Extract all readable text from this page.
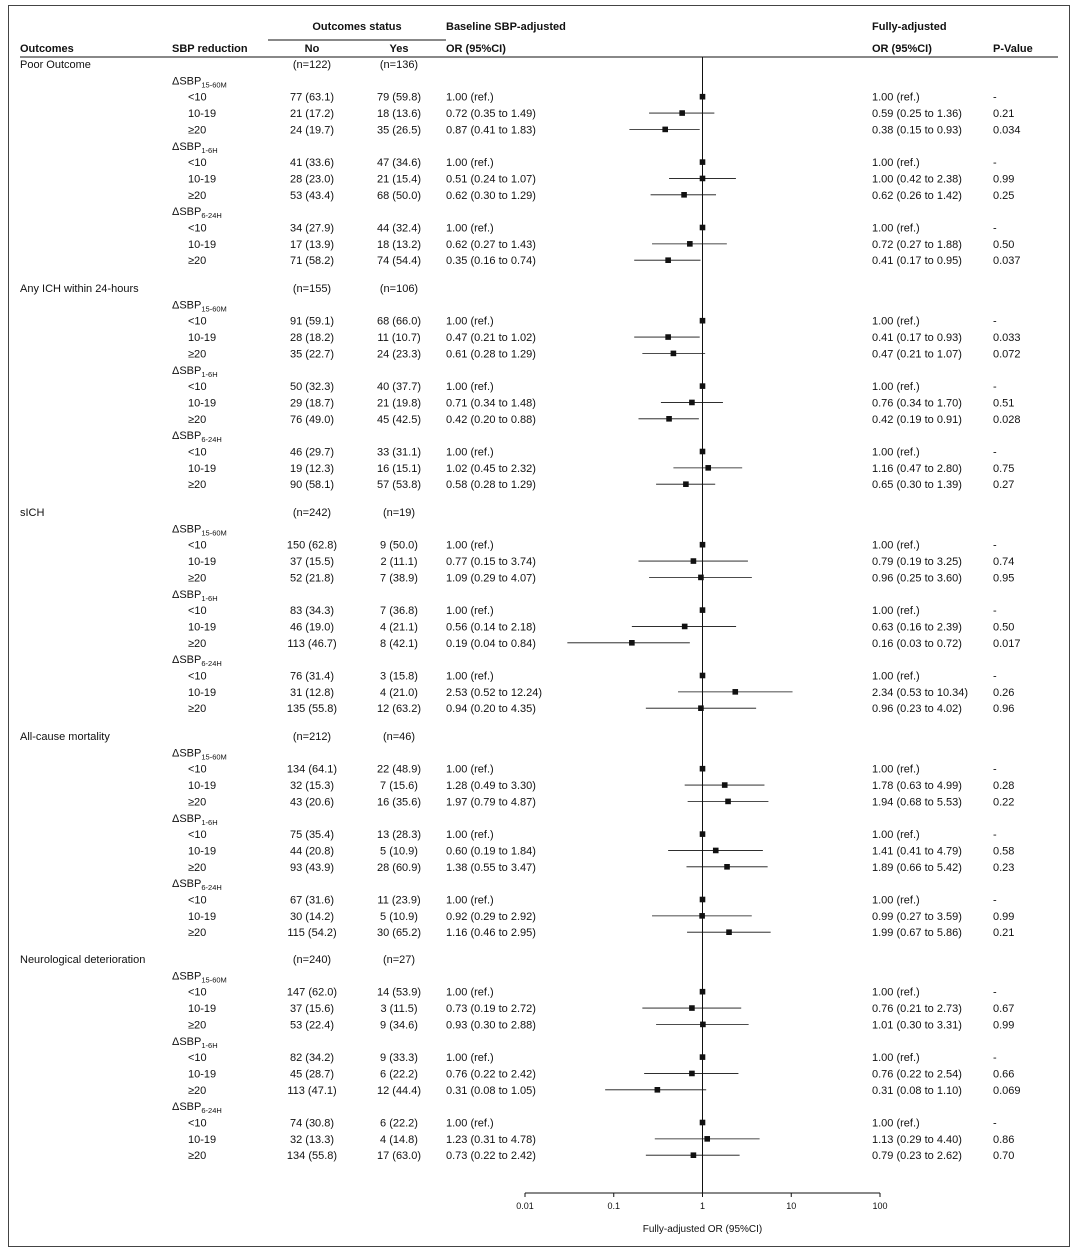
Outcomes status	Baseline SBP-adjusted	Fully-adjusted
Outcomes	SBP reduction	No	Yes	OR (95%CI)	OR (95%CI)	P-Value
Poor Outcome	(n=122)	(n=136)
$\Delta SBP_{15-60M}$
<10	77 (63.1)	79 (59.8) 1.00 (ref.)	1.00 (ref.)	-
10-19	21 (17.2)	18 (13.6) 0.72 (0.35 to 1.49)	0.59 (0.25 to 1.36)	0.21
≥20	24 (19.7)	35 (26.5) 0.87 (0.41 to 1.83)	0.38 (0.15 to 0.93)	0.034
$\Delta SBP_{1-6H}$
<10	41 (33.6)	47 (34.6) 1.00 (ref.)	1.00 (ref.)	-
10-19	28 (23.0)	21 (15.4) 0.51 (0.24 to 1.07)	1.00 (0.42 to 2.38)	0.99
≥20	53 (43.4)	68 (50.0) 0.62 (0.30 to 1.29)	0.62 (0.26 to 1.42)	0.25
$\Delta SBP_{6-24H}$
<10	34 (27.9)	44 (32.4) 1.00 (ref.)	1.00 (ref.)	-
10-19	17 (13.9)	18 (13.2) 0.62 (0.27 to 1.43)	0.72 (0.27 to 1.88)	0.50
≥20	71 (58.2)	74 (54.4) 0.35 (0.16 to 0.74)	0.41 (0.17 to 0.95)	0.037
Any ICH within 24-hours	(n=155)	(n=106)
$\Delta SBP_{15-60M}$
<10	91 (59.1)	68 (66.0) 1.00 (ref.)	1.00 (ref.)	-
10-19	28 (18.2)	11 (10.7) 0.47 (0.21 to 1.02)	0.41 (0.17 to 0.93)	0.033
≥20	35 (22.7)	24 (23.3) 0.61 (0.28 to 1.29)	0.47 (0.21 to 1.07)	0.072
$\Delta SBP_{1-6H}$
<10	50 (32.3)	40 (37.7) 1.00 (ref.)	1.00 (ref.)	-
10-19	29 (18.7)	21 (19.8) 0.71 (0.34 to 1.48)	0.76 (0.34 to 1.70)	0.51
≥20	76 (49.0)	45 (42.5) 0.42 (0.20 to 0.88)	0.42 (0.19 to 0.91)	0.028
$\Delta SBP_{6-24H}$
<10	46 (29.7)	33 (31.1) 1.00 (ref.)	1.00 (ref.)	-
10-19	19 (12.3)	16 (15.1) 1.02 (0.45 to 2.32)	1.16 (0.47 to 2.80)	0.75
≥20	90 (58.1)	57 (53.8) 0.58 (0.28 to 1.29)	0.65 (0.30 to 1.39)	0.27
sICH	(n=242)	(n=19)
$\Delta SBP_{15-60M}$
<10	150 (62.8)	9 (50.0)	1.00 (ref.)	1.00 (ref.)	-
10-19	37 (15.5)	2 (11.1)	0.77 (0.15 to 3.74)	0.79 (0.19 to 3.25)	0.74
≥20	52 (21.8)	7 (38.9)	1.09 (0.29 to 4.07)	0.96 (0.25 to 3.60)	0.95
$\Delta SBP_{1-6H}$
<10	83 (34.3)	7 (36.8)	1.00 (ref.)	1.00 (ref.)	-
10-19	46 (19.0)	4 (21.1)	0.56 (0.14 to 2.18)	0.63 (0.16 to 2.39)	0.50
≥20	113 (46.7)	8 (42.1)	0.19 (0.04 to 0.84)	0.16 (0.03 to 0.72)	0.017
$\Delta SBP_{6-24H}$
<10	76 (31.4)	3 (15.8)	1.00 (ref.)	1.00 (ref.)	-
10-19	31 (12.8)	4 (21.0)	2.53 (0.52 to 12.24)	2.34 (0.53 to 10.34) 0.26
≥20	135 (55.8)	12 (63.2) 0.94 (0.20 to 4.35)	0.96 (0.23 to 4.02)	0.96
All-cause mortality	(n=212)	(n=46)
$\Delta SBP_{15-60M}$
<10	134 (64.1)	22 (48.9) 1.00 (ref.)	1.00 (ref.)	-
10-19	32 (15.3)	7 (15.6)	1.28 (0.49 to 3.30)	1.78 (0.63 to 4.99)	0.28
≥20	43 (20.6)	16 (35.6) 1.97 (0.79 to 4.87)	1.94 (0.68 to 5.53)	0.22
$\Delta SBP_{1-6H}$
<10	75 (35.4)	13 (28.3) 1.00 (ref.)	1.00 (ref.)	-
10-19	44 (20.8)	5 (10.9)	0.60 (0.19 to 1.84)	1.41 (0.41 to 4.79)	0.58
≥20	93 (43.9)	28 (60.9) 1.38 (0.55 to 3.47)	1.89 (0.66 to 5.42)	0.23
$\Delta SBP_{6-24H}$
<10	67 (31.6)	11 (23.9) 1.00 (ref.)	1.00 (ref.)	-
10-19	30 (14.2)	5 (10.9)	0.92 (0.29 to 2.92)	0.99 (0.27 to 3.59)	0.99
≥20	115 (54.2)	30 (65.2) 1.16 (0.46 to 2.95)	1.99 (0.67 to 5.86)	0.21
Neurological deterioration	(n=240)	(n=27)
$\Delta SBP_{15-60M}$
<10	147 (62.0)	14 (53.9) 1.00 (ref.)	1.00 (ref.)	-
10-19	37 (15.6)	3 (11.5)	0.73 (0.19 to 2.72)	0.76 (0.21 to 2.73)	0.67
≥20	53 (22.4)	9 (34.6)	0.93 (0.30 to 2.88)	1.01 (0.30 to 3.31)	0.99
$\Delta SBP_{1-6H}$
<10	82 (34.2)	9 (33.3)	1.00 (ref.)	1.00 (ref.)	-
10-19	45 (28.7)	6 (22.2)	0.76 (0.22 to 2.42)	0.76 (0.22 to 2.54)	0.66
≥20	113 (47.1)	12 (44.4) 0.31 (0.08 to 1.05)	0.31 (0.08 to 1.10)	0.069
$\Delta SBP_{6-24H}$
<10	74 (30.8)	6 (22.2)	1.00 (ref.)	1.00 (ref.)	-
10-19	32 (13.3)	4 (14.8)	1.23 (0.31 to 4.78)	1.13 (0.29 to 4.40)	0.86
≥20	134 (55.8)	17 (63.0) 0.73 (0.22 to 2.42)	0.79 (0.23 to 2.62)	0.70
0.01	0.1	1	10	100
Fully-adjusted OR (95%CI)
